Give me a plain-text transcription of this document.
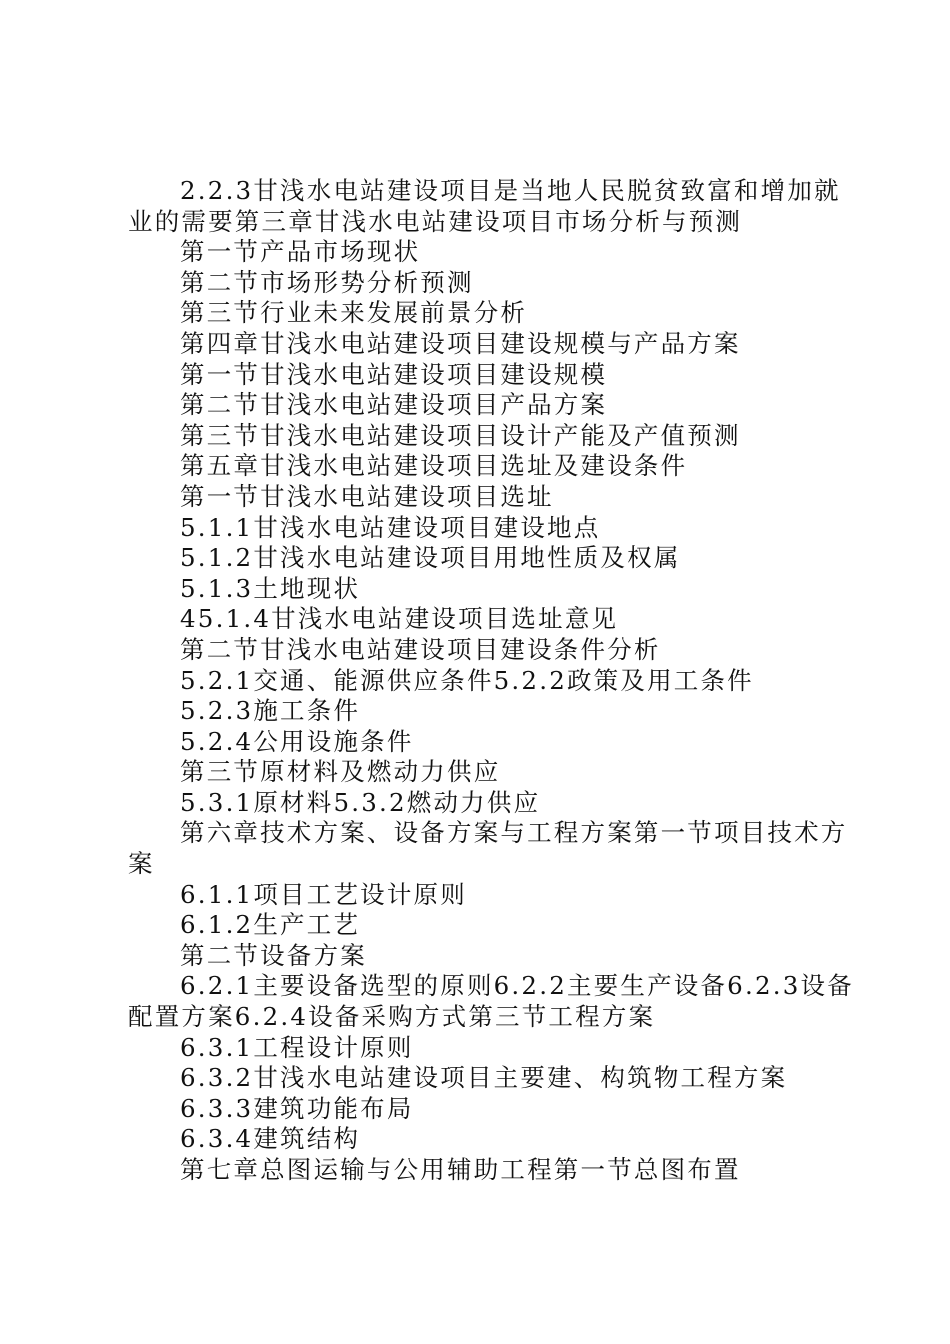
2.2.3甘浅水电站建设项目是当地人民脱贫致富和增加就
业的需要第三章甘浅水电站建设项目市场分析与预测
第一节产品市场现状
第二节市场形势分析预测
第三节行业未来发展前景分析
第四章甘浅水电站建设项目建设规模与产品方案
第一节甘浅水电站建设项目建设规模
第二节甘浅水电站建设项目产品方案
第三节甘浅水电站建设项目设计产能及产值预测
第五章甘浅水电站建设项目选址及建设条件
第一节甘浅水电站建设项目选址
5.1.1甘浅水电站建设项目建设地点
5.1.2甘浅水电站建设项目用地性质及权属
5.1.3土地现状
45.1.4甘浅水电站建设项目选址意见
第二节甘浅水电站建设项目建设条件分析
5.2.1交通、能源供应条件5.2.2政策及用工条件
5.2.3施工条件
5.2.4公用设施条件
第三节原材料及燃动力供应
5.3.1原材料5.3.2燃动力供应
第六章技术方案、设备方案与工程方案第一节项目技术方
案
6.1.1项目工艺设计原则
6.1.2生产工艺
第二节设备方案
6.2.1主要设备选型的原则6.2.2主要生产设备6.2.3设备
配置方案6.2.4设备采购方式第三节工程方案
6.3.1工程设计原则
6.3.2甘浅水电站建设项目主要建、构筑物工程方案
6.3.3建筑功能布局
6.3.4建筑结构
第七章总图运输与公用辅助工程第一节总图布置
